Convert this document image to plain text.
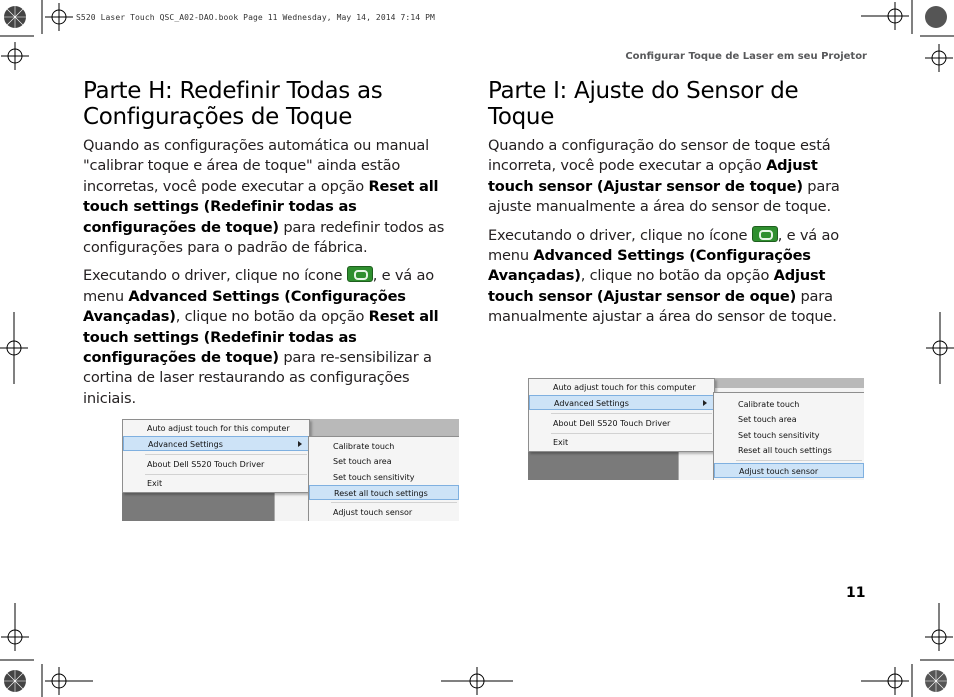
S520 Laser Touch QSC_A02-DAO.book Page 11 Wednesday, May 14, 2014 7:14 PM
Configurar Toque de Laser em seu Projetor
Parte H: Redefinir Todas as
Configurações de Toque

Quando as configurações automática ou manual "calibrar toque e área de toque" ainda estão incorretas, você pode executar a opção Reset all touch settings (Redefinir todas as configurações de toque) para redefinir todos as configurações para o padrão de fábrica.

Executando o driver, clique no ícone , e vá ao menu Advanced Settings (Configurações Avançadas), clique no botão da opção Reset all touch settings (Redefinir todas as configurações de toque) para re-sensibilizar a cortina de laser restaurando as configurações iniciais.

Auto adjust touch for this computer
Advanced Settings
About Dell S520 Touch Driver
Exit
Calibrate touch
Set touch area
Set touch sensitivity
Reset all touch settings
Adjust touch sensor
Parte I: Ajuste do Sensor de
Toque

Quando a configuração do sensor de toque está incorreta, você pode executar a opção Adjust touch sensor (Ajustar sensor de toque) para ajuste manualmente a área do sensor de toque.

Executando o driver, clique no ícone , e vá ao menu Advanced Settings (Configurações Avançadas), clique no botão da opção Adjust touch sensor (Ajustar sensor de oque) para manualmente ajustar a área do sensor de toque.

Auto adjust touch for this computer
Advanced Settings
About Dell S520 Touch Driver
Exit
Calibrate touch
Set touch area
Set touch sensitivity
Reset all touch settings
Adjust touch sensor
11
